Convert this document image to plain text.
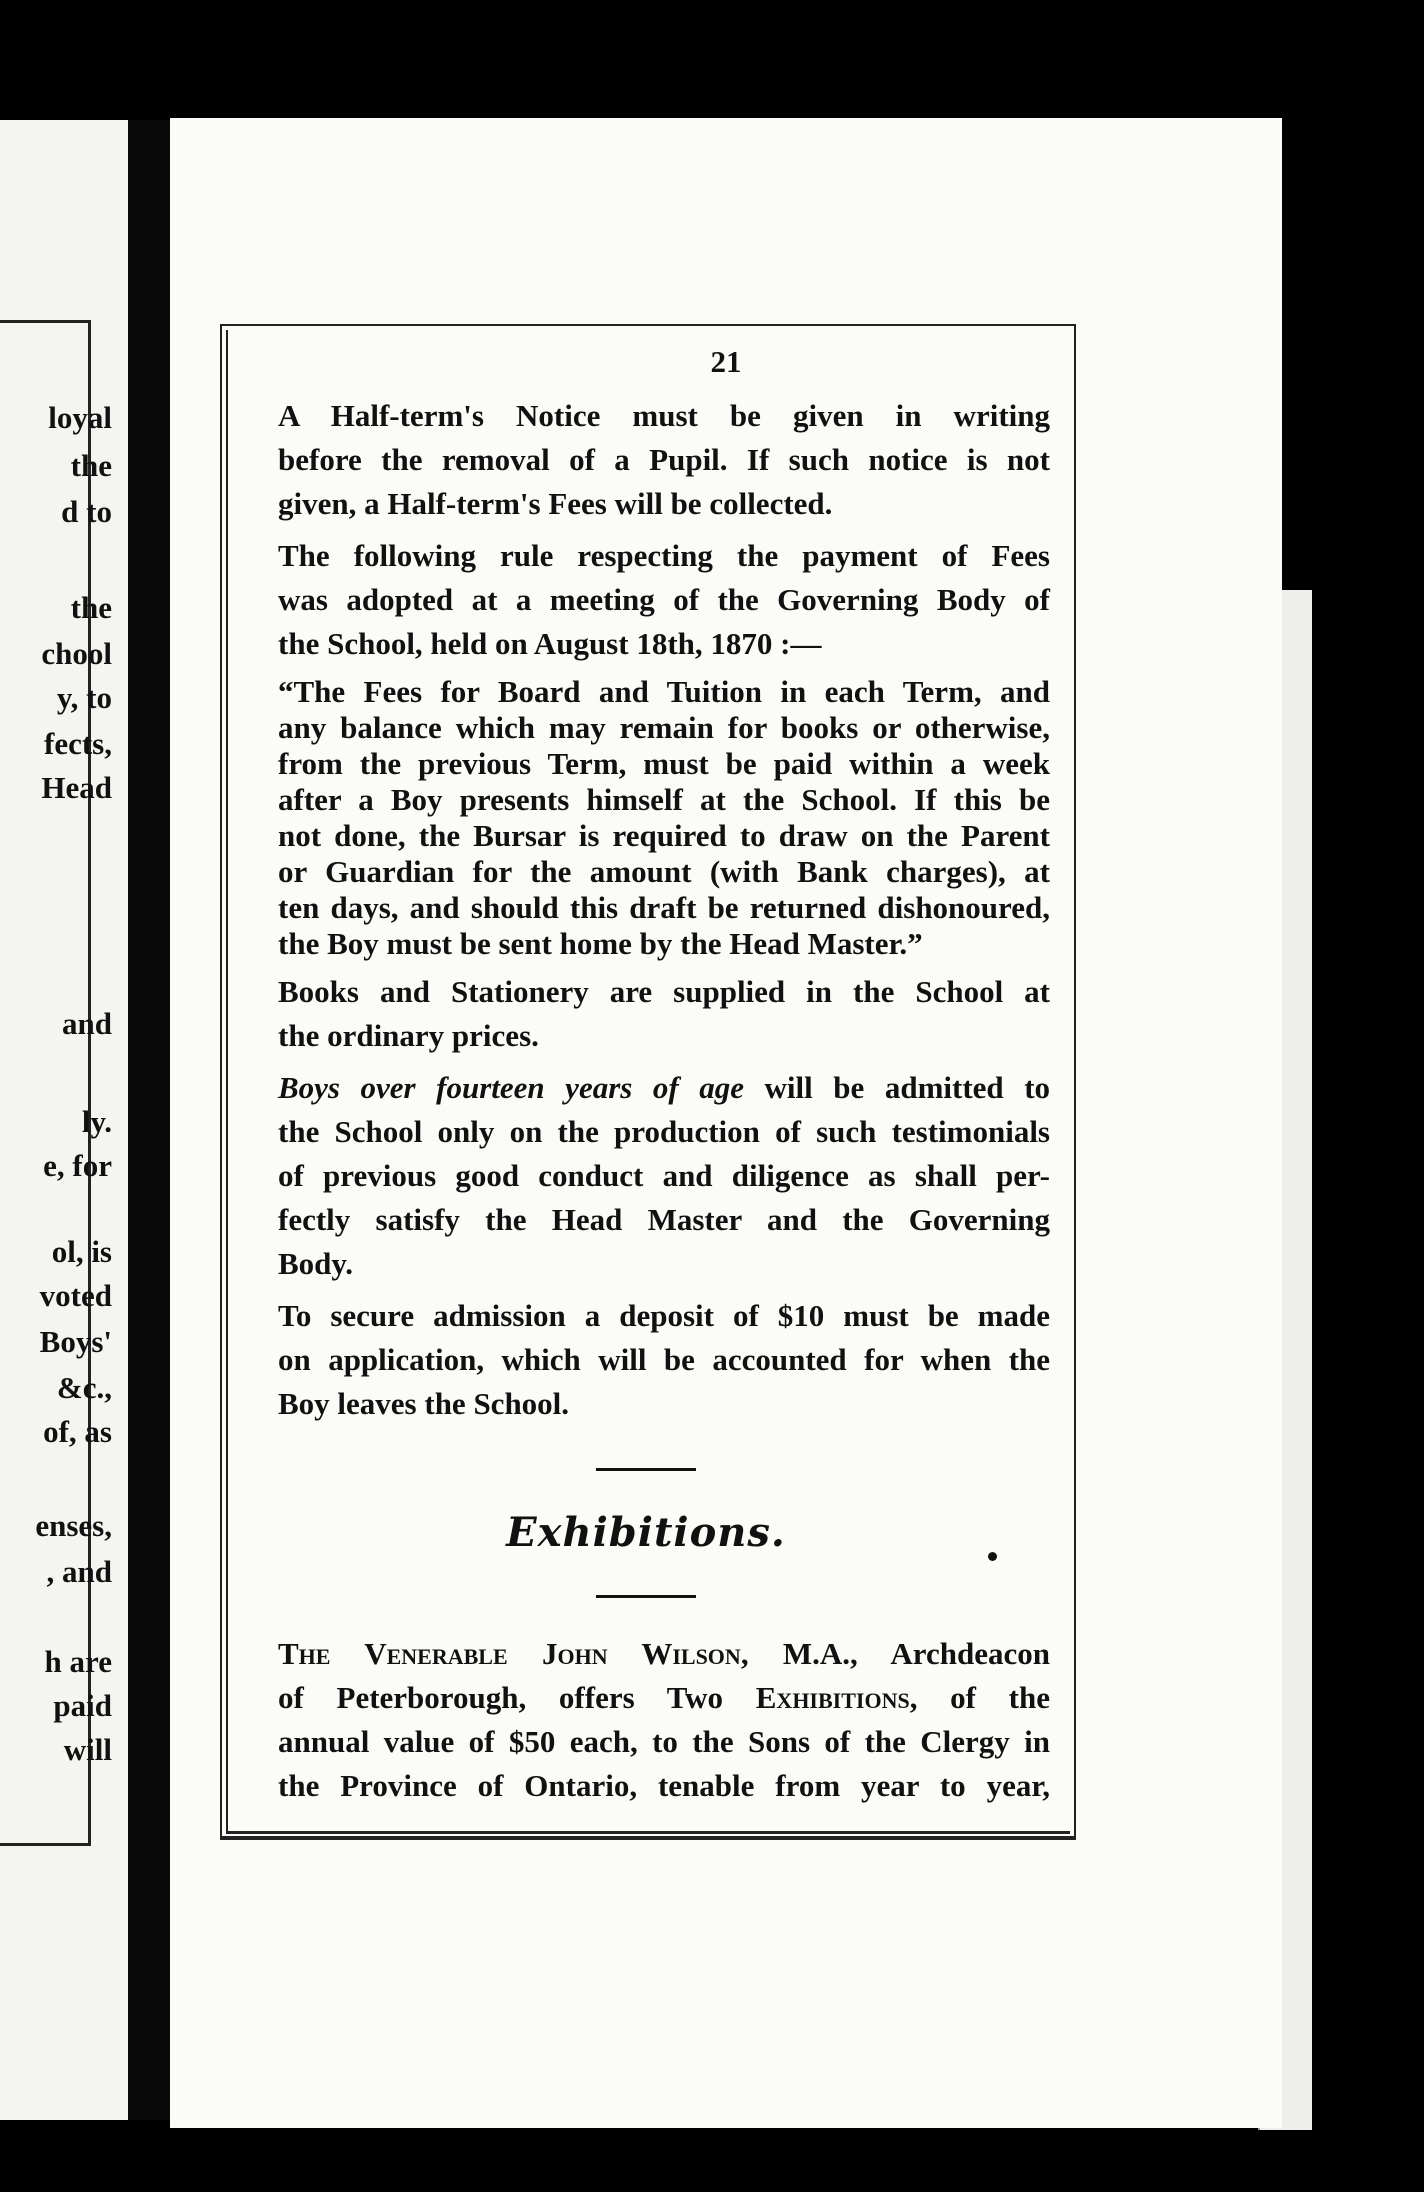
loyal
the
d to
the
chool
y, to
fects,
Head
and
ly.
e, for
ol, is
voted
Boys'
&c.,
of, as
enses,
, and
h are
paid
will
21

A Half-term's Notice must be given in writing
before the removal of a Pupil. If such notice is not
given, a Half-term's Fees will be collected.

The following rule respecting the payment of Fees
was adopted at a meeting of the Governing Body of
the School, held on August 18th, 1870 :—

“The Fees for Board and Tuition in each Term, and
any balance which may remain for books or otherwise,
from the previous Term, must be paid within a week
after a Boy presents himself at the School. If this be
not done, the Bursar is required to draw on the Parent
or Guardian for the amount (with Bank charges), at
ten days, and should this draft be returned dishonoured,
the Boy must be sent home by the Head Master.”

Books and Stationery are supplied in the School at
the ordinary prices.

Boys over fourteen years of age will be admitted to
the School only on the production of such testimonials
of previous good conduct and diligence as shall per-
fectly satisfy the Head Master and the Governing
Body.

To secure admission a deposit of $10 must be made
on application, which will be accounted for when the
Boy leaves the School.

Exhibitions.

The Venerable John Wilson, M.A., Archdeacon
of Peterborough, offers Two Exhibitions, of the
annual value of $50 each, to the Sons of the Clergy in
the Province of Ontario, tenable from year to year,
